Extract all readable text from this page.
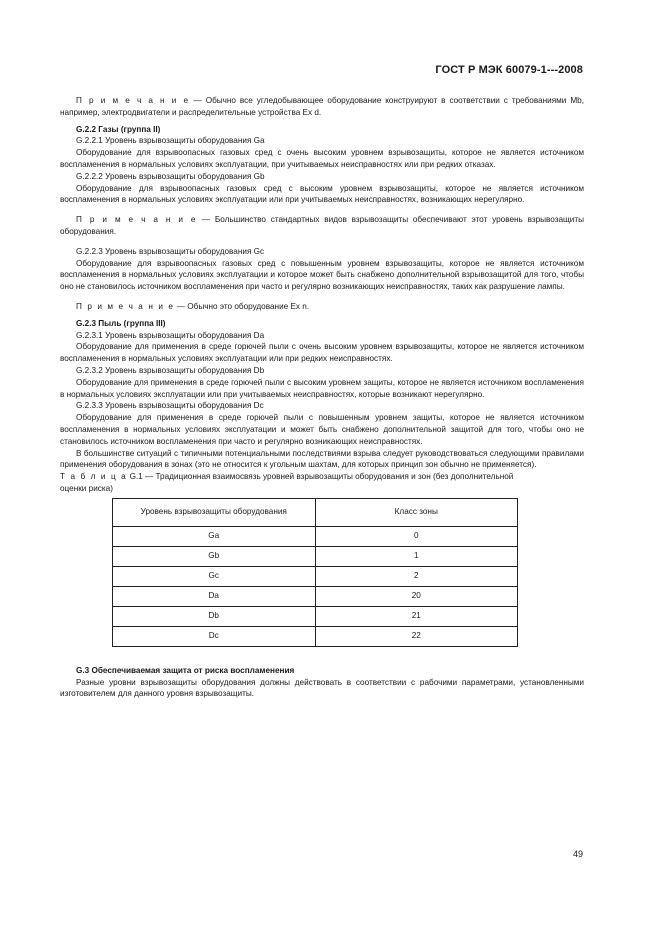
ГОСТ Р МЭК 60079-1---2008

П р и м е ч а н и е — Обычно все угледобывающее оборудование конструируют в соответствии с требованиями Mb, например, электродвигатели и распределительные устройства Ex d.

G.2.2 Газы (группа II)

G.2.2.1 Уровень взрывозащиты оборудования Ga

Оборудование для взрывоопасных газовых сред с очень высоким уровнем взрывозащиты, которое не является источником воспламенения в нормальных условиях эксплуатации, при учитываемых неисправностях или при редких отказах.

G.2.2.2 Уровень взрывозащиты оборудования Gb

Оборудование для взрывоопасных газовых сред с высоким уровнем взрывозащиты, которое не является источником воспламенения в нормальных условиях эксплуатации или при учитываемых неисправностях, возникающих нерегулярно.

П р и м е ч а н и е — Большинство стандартных видов взрывозащиты обеспечивают этот уровень взрывозащиты оборудования.

G.2.2.3 Уровень взрывозащиты оборудования Gc

Оборудование для взрывоопасных газовых сред с повышенным уровнем взрывозащиты, которое не является источником воспламенения в нормальных условиях эксплуатации и которое может быть снабжено дополнительной взрывозащитой для того, чтобы оно не становилось источником воспламенения при часто и регулярно возникающих неисправностях, таких как разрушение лампы.

П р и м е ч а н и е — Обычно это оборудование Ex n.

G.2.3 Пыль (группа III)

G.2.3.1 Уровень взрывозащиты оборудования Da

Оборудование для применения в среде горючей пыли с очень высоким уровнем взрывозащиты, которое не является источником воспламенения в нормальных условиях эксплуатации или при редких неисправностях.

G.2.3.2 Уровень взрывозащиты оборудования Db

Оборудование для применения в среде горючей пыли с высоким уровнем защиты, которое не является источником воспламенения в нормальных условиях эксплуатации или при учитываемых неисправностях, которые возникают нерегулярно.

G.2.3.3 Уровень взрывозащиты оборудования Dc

Оборудование для применения в среде горючей пыли с повышенным уровнем защиты, которое не является источником воспламенения в нормальных условиях эксплуатации и может быть снабжено дополнительной защитой для того, чтобы оно не становилось источником воспламенения при часто и регулярно возникающих неисправностях.

В большинстве ситуаций с типичными потенциальными последствиями взрыва следует руководствоваться следующими правилами применения оборудования в зонах (это не относится к угольным шахтам, для которых принцип зон обычно не применяется).

Т а б л и ц а G.1 — Традиционная взаимосвязь уровней взрывозащиты оборудования и зон (без дополнительной оценки риска)

Уровень взрывозащиты оборудования	Класс зоны
Ga	0
Gb	1
Gc	2
Da	20
Db	21
Dc	22

G.3 Обеспечиваемая защита от риска воспламенения

Разные уровни взрывозащиты оборудования должны действовать в соответствии с рабочими параметрами, установленными изготовителем для данного уровня взрывозащиты.

49
